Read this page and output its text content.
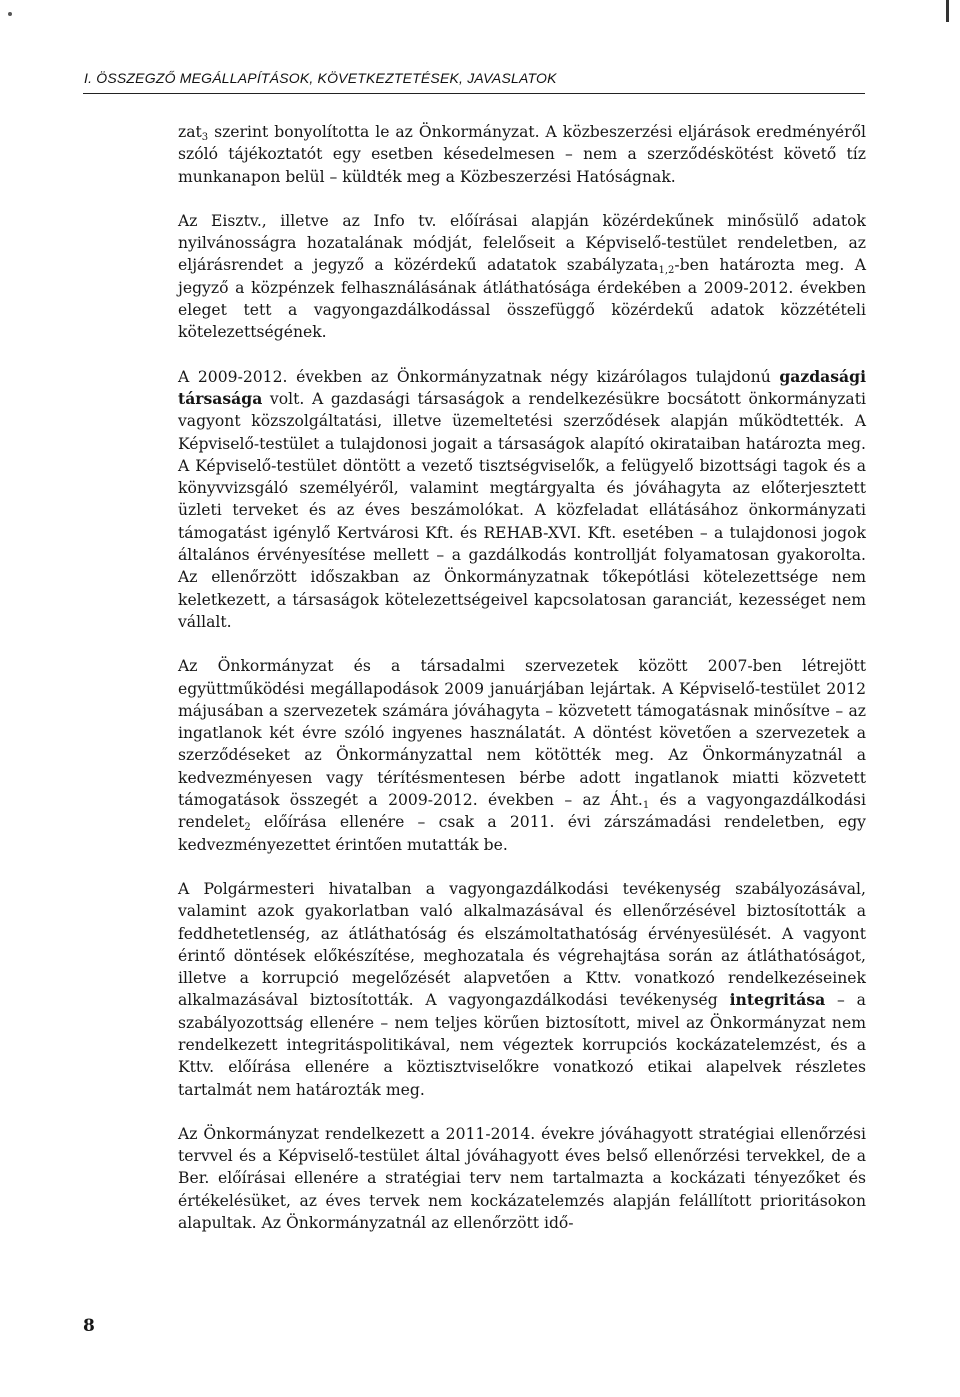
I. ÖSSZEGZŐ MEGÁLLAPÍTÁSOK, KÖVETKEZTETÉSEK, JAVASLATOK

zat$_3$ szerint bonyolította le az Önkormányzat. A közbeszerzési eljárások eredményéről szóló tájékoztatót egy esetben késedelmesen – nem a szerződéskötést követő tíz munkanapon belül – küldték meg a Közbeszerzési Hatóságnak.

Az Eisztv., illetve az Info tv. előírásai alapján közérdekűnek minősülő adatok nyilvánosságra hozatalának módját, felelőseit a Képviselő-testület rendeletben, az eljárásrendet a jegyző a közérdekű adatatok szabályzata$_{1,2}$-ben határozta meg. A jegyző a közpénzek felhasználásának átláthatósága érdekében a 2009-2012. években eleget tett a vagyongazdálkodással összefüggő közérdekű adatok közzétételi kötelezettségének.

A 2009-2012. években az Önkormányzatnak négy kizárólagos tulajdonú gazdasági társasága volt. A gazdasági társaságok a rendelkezésükre bocsátott önkormányzati vagyont közszolgáltatási, illetve üzemeltetési szerződések alapján működtették. A Képviselő-testület a tulajdonosi jogait a társaságok alapító okirataiban határozta meg. A Képviselő-testület döntött a vezető tisztségviselők, a felügyelő bizottsági tagok és a könyvvizsgáló személyéről, valamint megtárgyalta és jóváhagyta az előterjesztett üzleti terveket és az éves beszámolókat. A közfeladat ellátásához önkormányzati támogatást igénylő Kertvárosi Kft. és REHAB-XVI. Kft. esetében – a tulajdonosi jogok általános érvényesítése mellett – a gazdálkodás kontrollját folyamatosan gyakorolta. Az ellenőrzött időszakban az Önkormányzatnak tőkepótlási kötelezettsége nem keletkezett, a társaságok kötelezettségeivel kapcsolatosan garanciát, kezességet nem vállalt.

Az Önkormányzat és a társadalmi szervezetek között 2007-ben létrejött együttműködési megállapodások 2009 januárjában lejártak. A Képviselő-testület 2012 májusában a szervezetek számára jóváhagyta – közvetett támogatásnak minősítve – az ingatlanok két évre szóló ingyenes használatát. A döntést követően a szervezetek a szerződéseket az Önkormányzattal nem kötötték meg. Az Önkormányzatnál a kedvezményesen vagy térítésmentesen bérbe adott ingatlanok miatti közvetett támogatások összegét a 2009-2012. években – az $Áht._1$ és a vagyongazdálkodási rendelet$_2$ előírása ellenére – csak a 2011. évi zárszámadási rendeletben, egy kedvezményezettet érintően mutatták be.

A Polgármesteri hivatalban a vagyongazdálkodási tevékenység szabályozásával, valamint azok gyakorlatban való alkalmazásával és ellenőrzésével biztosították a feddhetetlenség, az átláthatóság és elszámoltathatóság érvényesülését. A vagyont érintő döntések előkészítése, meghozatala és végrehajtása során az átláthatóságot, illetve a korrupció megelőzését alapvetően a Kttv. vonatkozó rendelkezéseinek alkalmazásával biztosították. A vagyongazdálkodási tevékenység integritása – a szabályozottság ellenére – nem teljes körűen biztosított, mivel az Önkormányzat nem rendelkezett integritáspolitikával, nem végeztek korrupciós kockázatelemzést, és a Kttv. előírása ellenére a köztisztviselőkre vonatkozó etikai alapelvek részletes tartalmát nem határozták meg.

Az Önkormányzat rendelkezett a 2011-2014. évekre jóváhagyott stratégiai ellenőrzési tervvel és a Képviselő-testület által jóváhagyott éves belső ellenőrzési tervekkel, de a Ber. előírásai ellenére a stratégiai terv nem tartalmazta a kockázati tényezőket és értékelésüket, az éves tervek nem kockázatelemzés alapján felállított prioritásokon alapultak. Az Önkormányzatnál az ellenőrzött idő-

8
